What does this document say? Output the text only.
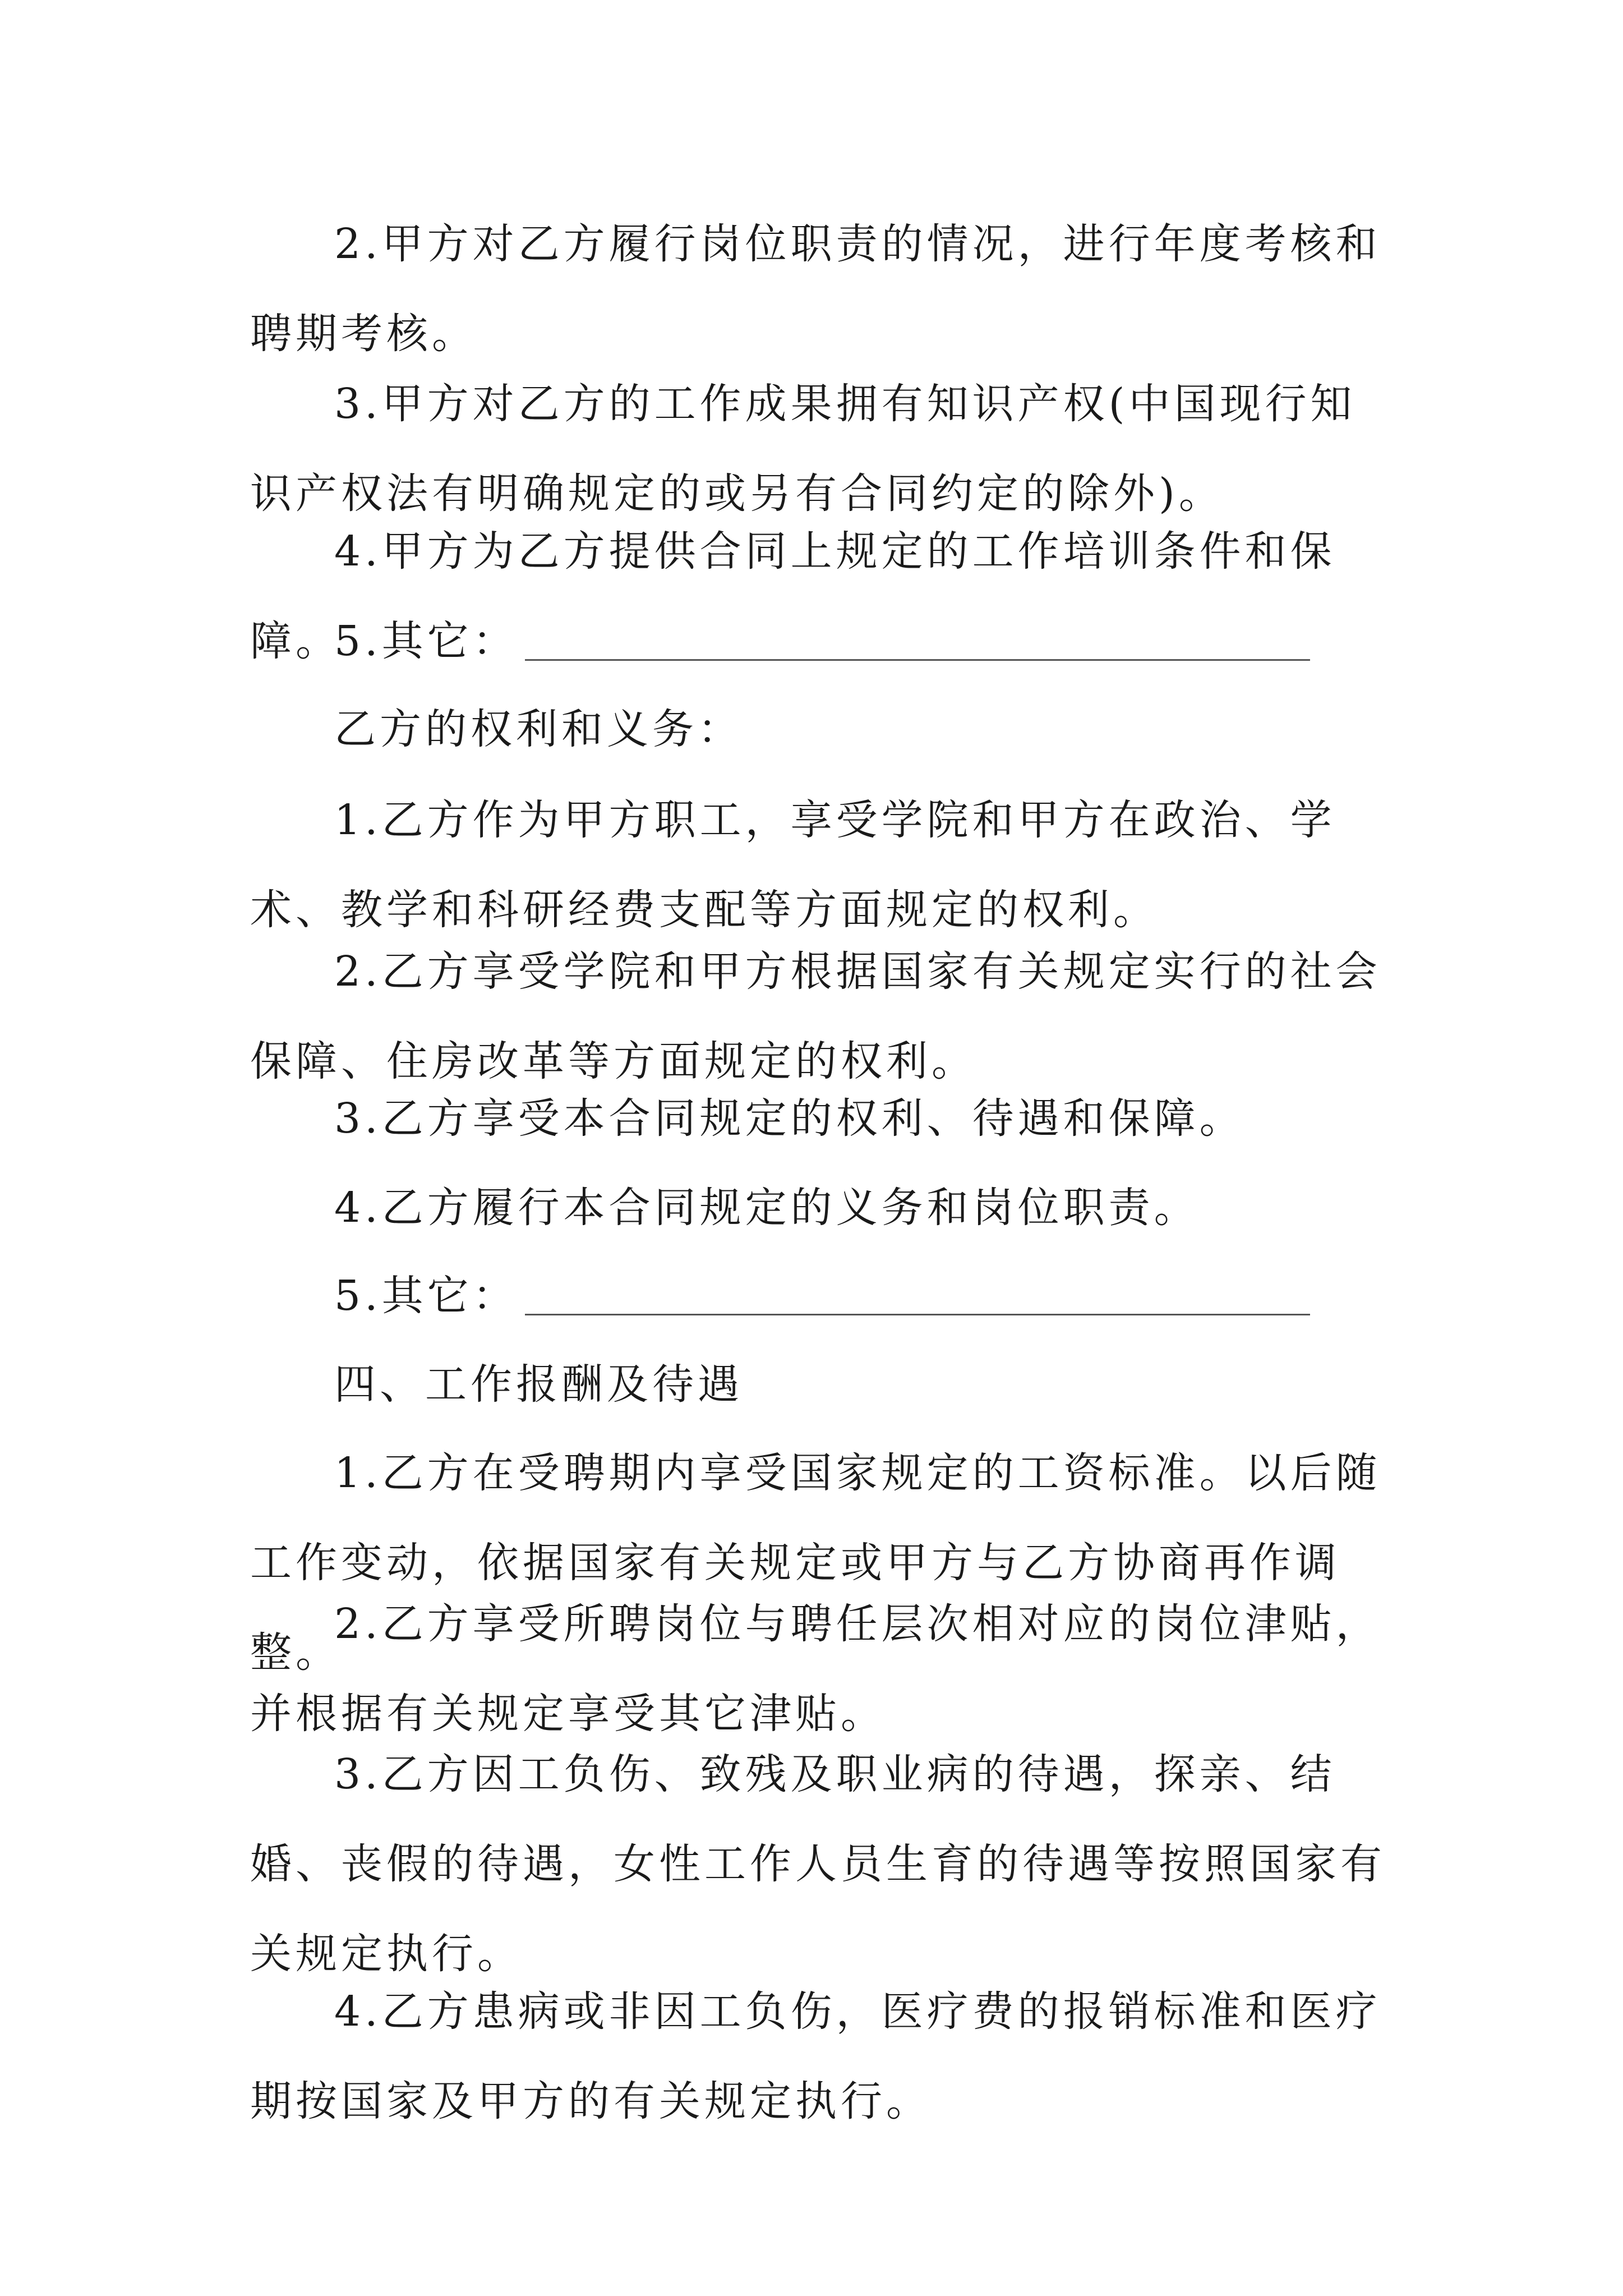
2.甲方对乙方履行岗位职责的情况，进行年度考核和聘期考核。

3.甲方对乙方的工作成果拥有知识产权(中国现行知识产权法有明确规定的或另有合同约定的除外)。

4.甲方为乙方提供合同上规定的工作培训条件和保障。

5.其它：

乙方的权利和义务：

1.乙方作为甲方职工，享受学院和甲方在政治、学术、教学和科研经费支配等方面规定的权利。

2.乙方享受学院和甲方根据国家有关规定实行的社会保障、住房改革等方面规定的权利。

3.乙方享受本合同规定的权利、待遇和保障。

4.乙方履行本合同规定的义务和岗位职责。

5.其它：

四、工作报酬及待遇

1.乙方在受聘期内享受国家规定的工资标准。以后随工作变动，依据国家有关规定或甲方与乙方协商再作调整。

2.乙方享受所聘岗位与聘任层次相对应的岗位津贴，并根据有关规定享受其它津贴。

3.乙方因工负伤、致残及职业病的待遇，探亲、结婚、丧假的待遇，女性工作人员生育的待遇等按照国家有关规定执行。

4.乙方患病或非因工负伤，医疗费的报销标准和医疗期按国家及甲方的有关规定执行。
